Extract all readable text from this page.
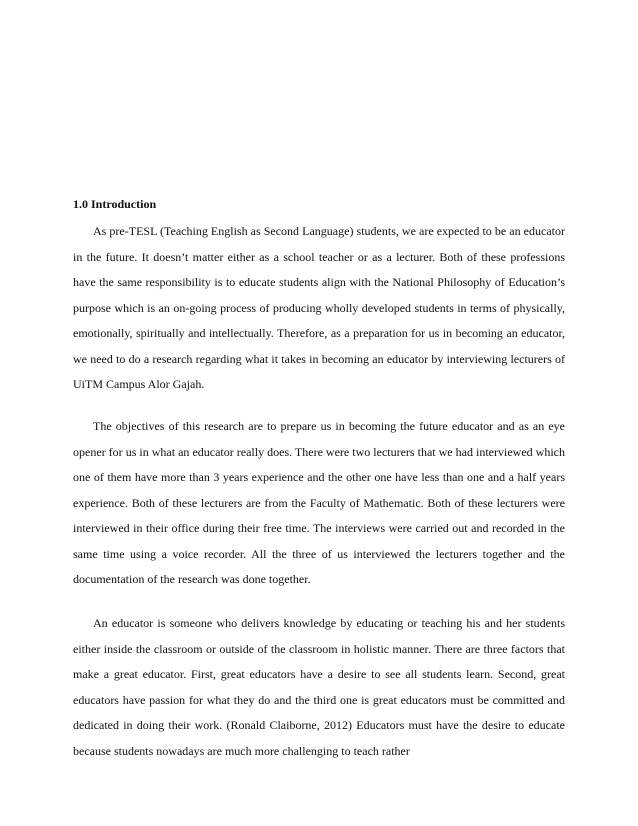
1.0 Introduction

As pre-TESL (Teaching English as Second Language) students, we are expected to be an educator in the future. It doesn’t matter either as a school teacher or as a lecturer. Both of these professions have the same responsibility is to educate students align with the National Philosophy of Education’s purpose which is an on-going process of producing wholly developed students in terms of physically, emotionally, spiritually and intellectually. Therefore, as a preparation for us in becoming an educator, we need to do a research regarding what it takes in becoming an educator by interviewing lecturers of UiTM Campus Alor Gajah.

The objectives of this research are to prepare us in becoming the future educator and as an eye opener for us in what an educator really does. There were two lecturers that we had interviewed which one of them have more than 3 years experience and the other one have less than one and a half years experience. Both of these lecturers are from the Faculty of Mathematic. Both of these lecturers were interviewed in their office during their free time. The interviews were carried out and recorded in the same time using a voice recorder. All the three of us interviewed the lecturers together and the documentation of the research was done together.

An educator is someone who delivers knowledge by educating or teaching his and her students either inside the classroom or outside of the classroom in holistic manner. There are three factors that make a great educator. First, great educators have a desire to see all students learn. Second, great educators have passion for what they do and the third one is great educators must be committed and dedicated in doing their work. (Ronald Claiborne, 2012) Educators must have the desire to educate because students nowadays are much more challenging to teach rather
